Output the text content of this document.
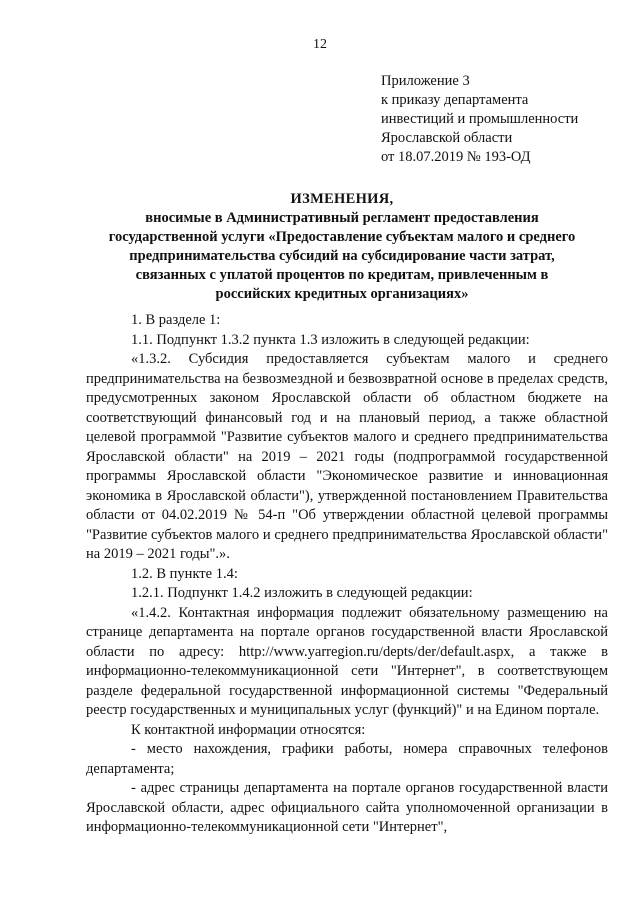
12
Приложение 3
к приказу департамента
инвестиций и промышленности
Ярославской области
от 18.07.2019 № 193-ОД
ИЗМЕНЕНИЯ,
вносимые в Административный регламент предоставления
государственной услуги «Предоставление субъектам малого и среднего
предпринимательства субсидий на субсидирование части затрат,
связанных с уплатой процентов по кредитам, привлеченным в
российских кредитных организациях»

1. В разделе 1:

1.1. Подпункт 1.3.2 пункта 1.3 изложить в следующей редакции:

«1.3.2. Субсидия предоставляется субъектам малого и среднего предпринимательства на безвозмездной и безвозвратной основе в пределах средств, предусмотренных законом Ярославской области об областном бюджете на соответствующий финансовый год и на плановый период, а также областной целевой программой "Развитие субъектов малого и среднего предпринимательства Ярославской области" на 2019 – 2021 годы (подпрограммой государственной программы Ярославской области "Экономическое развитие и инновационная экономика в Ярославской области"), утвержденной постановлением Правительства области от 04.02.2019 № 54-п "Об утверждении областной целевой программы "Развитие субъектов малого и среднего предпринимательства Ярославской области" на 2019 – 2021 годы".».

1.2. В пункте 1.4:

1.2.1. Подпункт 1.4.2 изложить в следующей редакции:

«1.4.2. Контактная информация подлежит обязательному размещению на странице департамента на портале органов государственной власти Ярославской области по адресу: http://www.yarregion.ru/depts/der/default.aspx, а также в информационно-телекоммуникационной сети "Интернет", в соответствующем разделе федеральной государственной информационной системы "Федеральный реестр государственных и муниципальных услуг (функций)" и на Едином портале.

К контактной информации относятся:

- место нахождения, графики работы, номера справочных телефонов департамента;

- адрес страницы департамента на портале органов государственной власти Ярославской области, адрес официального сайта уполномоченной организации в информационно-телекоммуникационной сети "Интернет",
